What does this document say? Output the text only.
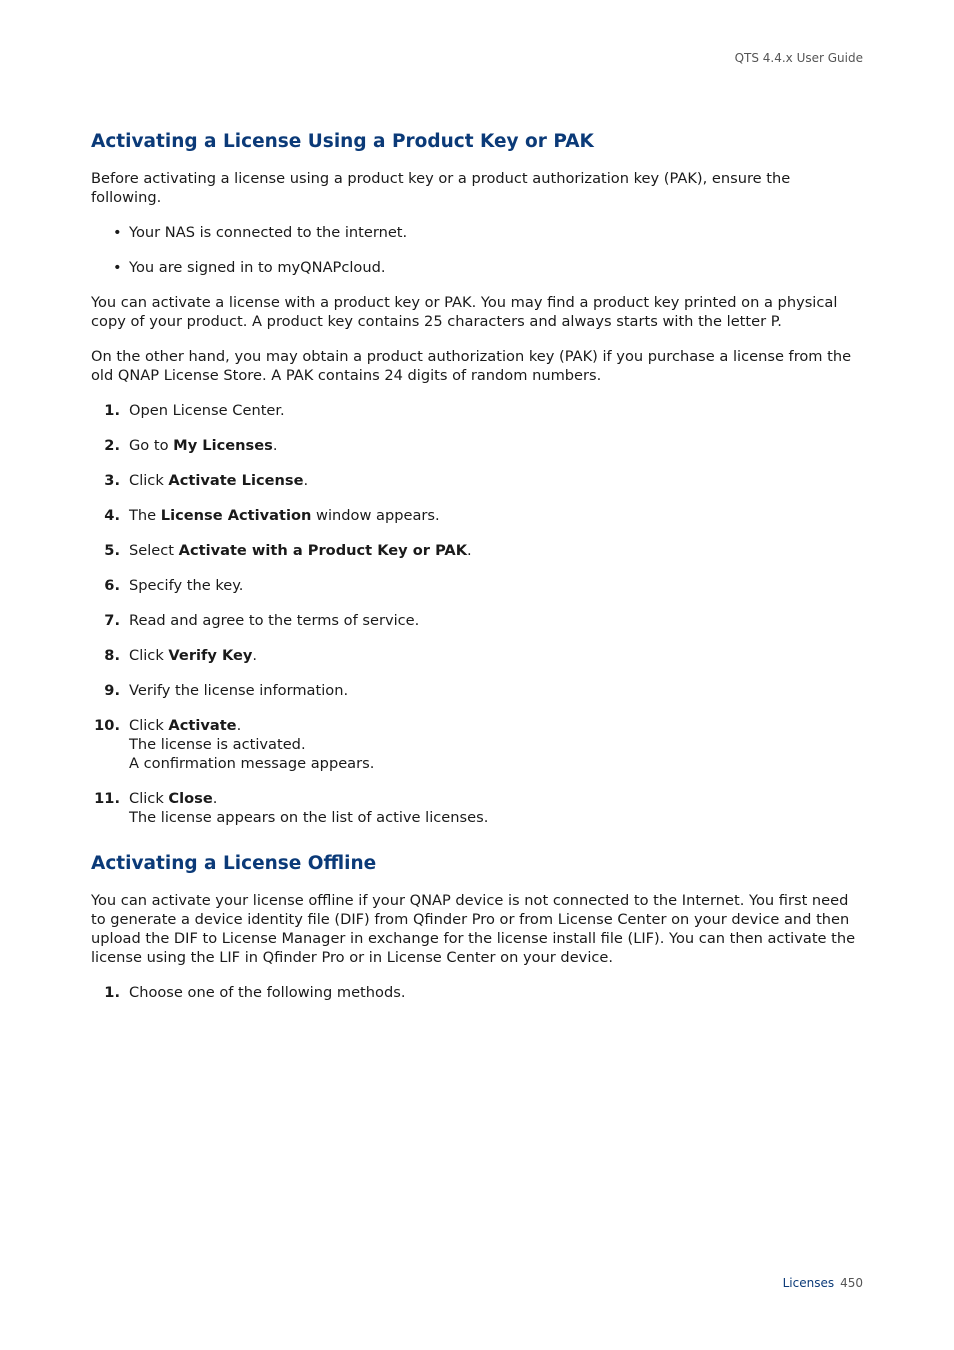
QTS 4.4.x User Guide
Activating a License Using a Product Key or PAK

Before activating a license using a product key or a product authorization key (PAK), ensure the following.

• Your NAS is connected to the internet.
• You are signed in to myQNAPcloud.

You can activate a license with a product key or PAK. You may find a product key printed on a physical copy of your product. A product key contains 25 characters and always starts with the letter P.

On the other hand, you may obtain a product authorization key (PAK) if you purchase a license from the old QNAP License Store. A PAK contains 24 digits of random numbers.

1. Open License Center.
2. Go to My Licenses.
3. Click Activate License.
4. The License Activation window appears.
5. Select Activate with a Product Key or PAK.
6. Specify the key.
7. Read and agree to the terms of service.
8. Click Verify Key.
9. Verify the license information.
10. Click Activate.
The license is activated.
A confirmation message appears.
11. Click Close.
The license appears on the list of active licenses.
Activating a License Offline

You can activate your license offline if your QNAP device is not connected to the Internet. You first need to generate a device identity file (DIF) from Qfinder Pro or from License Center on your device and then upload the DIF to License Manager in exchange for the license install file (LIF). You can then activate the license using the LIF in Qfinder Pro or in License Center on your device.

1. Choose one of the following methods.
Licenses 450
